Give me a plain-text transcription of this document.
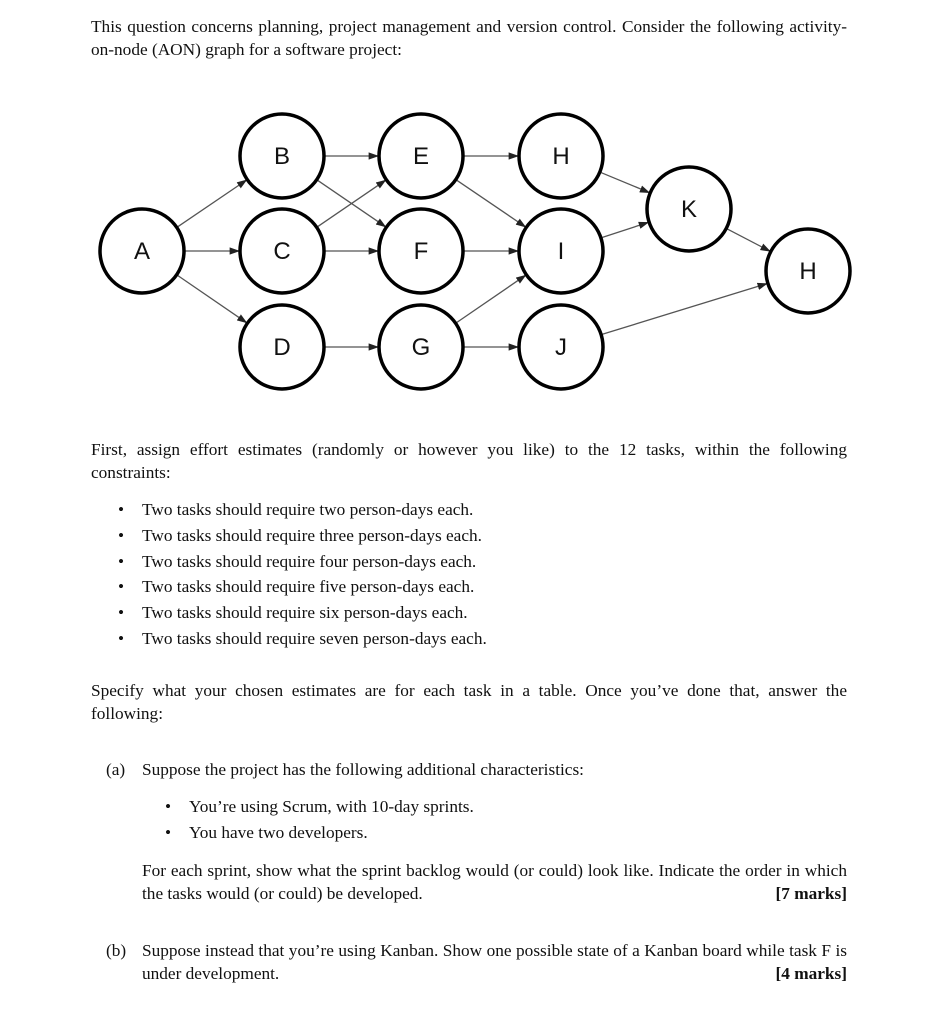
This question concerns planning, project management and version control. Consider the following activity-on-node (AON) graph for a software project:
A
B
C
D
E
F
G
H
I
J
K
H
First, assign effort estimates (randomly or however you like) to the 12 tasks, within the following constraints:
• Two tasks should require two person-days each.
• Two tasks should require three person-days each.
• Two tasks should require four person-days each.
• Two tasks should require five person-days each.
• Two tasks should require six person-days each.
• Two tasks should require seven person-days each.
Specify what your chosen estimates are for each task in a table. Once you’ve done that, answer the following:
(a) Suppose the project has the following additional characteristics:
• You’re using Scrum, with 10-day sprints.
• You have two developers.
For each sprint, show what the sprint backlog would (or could) look like. Indicate the order in which the tasks would (or could) be developed.	[7 marks]
(b) Suppose instead that you’re using Kanban. Show one possible state of a Kanban board while task F is under development.	[4 marks]
